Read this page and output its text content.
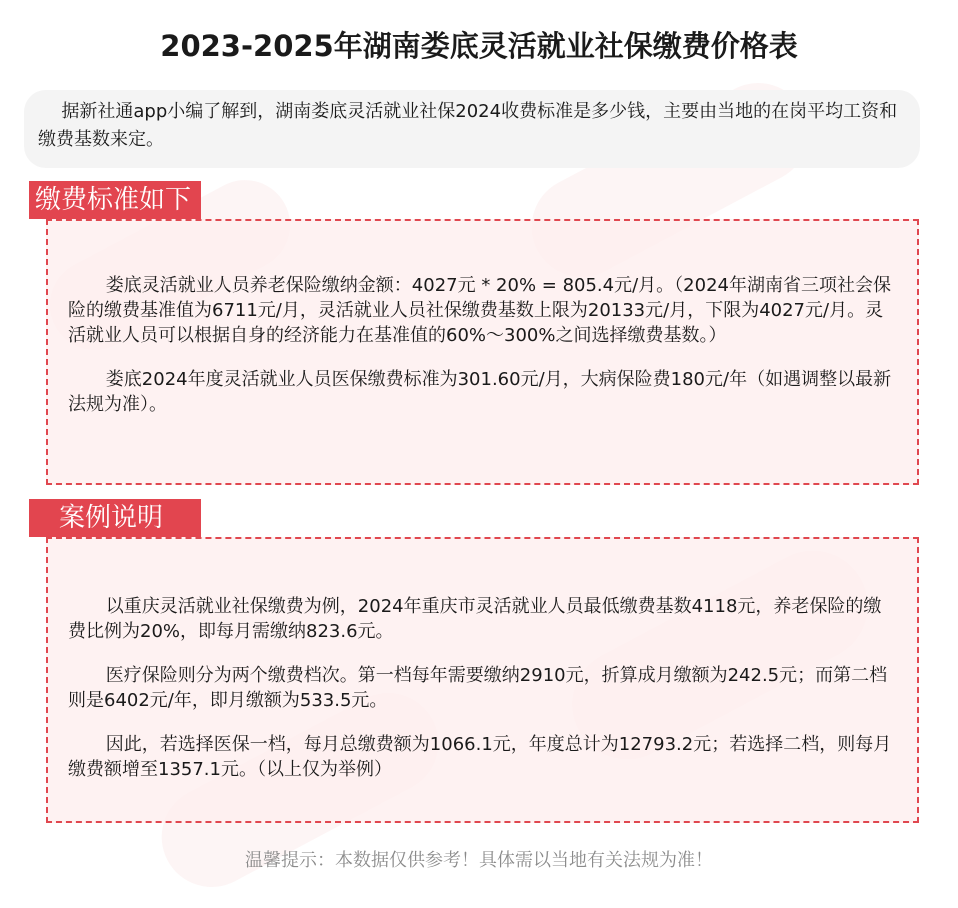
2023-2025年湖南娄底灵活就业社保缴费价格表

据新社通app小编了解到，湖南娄底灵活就业社保2024收费标准是多少钱，主要由当地的在岗平均工资和缴费基数来定。

缴费标准如下

娄底灵活就业人员养老保险缴纳金额：4027元 * 20% = 805.4元/月。（2024年湖南省三项社会保险的缴费基准值为6711元/月，灵活就业人员社保缴费基数上限为20133元/月，下限为4027元/月。灵活就业人员可以根据自身的经济能力在基准值的60%～300%之间选择缴费基数。）

娄底2024年度灵活就业人员医保缴费标准为301.60元/月，大病保险费180元/年（如遇调整以最新法规为准）。

案例说明

以重庆灵活就业社保缴费为例，2024年重庆市灵活就业人员最低缴费基数4118元，养老保险的缴费比例为20%，即每月需缴纳823.6元。

医疗保险则分为两个缴费档次。第一档每年需要缴纳2910元，折算成月缴额为242.5元；而第二档则是6402元/年，即月缴额为533.5元。

因此，若选择医保一档，每月总缴费额为1066.1元，年度总计为12793.2元；若选择二档，则每月缴费额增至1357.1元。（以上仅为举例）

温馨提示：本数据仅供参考！具体需以当地有关法规为准！
